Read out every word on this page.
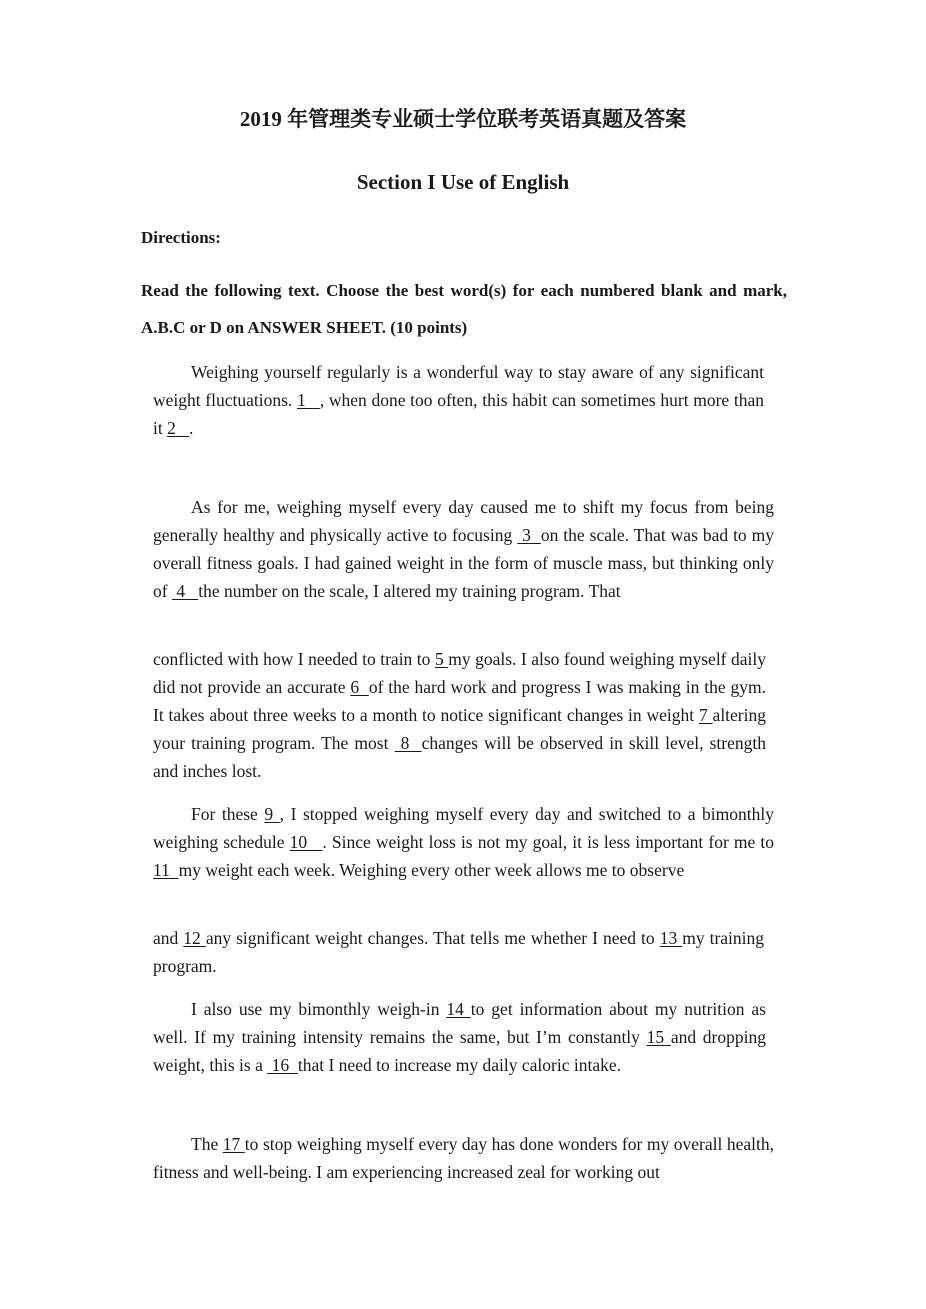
2019 年管理类专业硕士学位联考英语真题及答案
Section I Use of English
Directions:
Read the following text. Choose the best word(s) for each numbered blank and mark, A.B.C or D on ANSWER SHEET. (10 points)

Weighing yourself regularly is a wonderful way to stay aware of any significant weight fluctuations. 1   , when done too often, this habit can sometimes hurt more than it 2   .

As for me, weighing myself every day caused me to shift my focus from being generally healthy and physically active to focusing  3  on the scale. That was bad to my overall fitness goals. I had gained weight in the form of muscle mass, but thinking only of  4   the number on the scale, I altered my training program. That

conflicted with how I needed to train to 5 my goals. I also found weighing myself daily did not provide an accurate 6  of the hard work and progress I was making in the gym. It takes about three weeks to a month to notice significant changes in weight 7 altering your training program. The most  8  changes will be observed in skill level, strength and inches lost.

For these 9 , I stopped weighing myself every day and switched to a bimonthly weighing schedule 10   . Since weight loss is not my goal, it is less important for me to 11  my weight each week. Weighing every other week allows me to observe

and 12 any significant weight changes. That tells me whether I need to 13 my training program.

I also use my bimonthly weigh-in 14 to get information about my nutrition as well. If my training intensity remains the same, but I’m constantly 15 and dropping weight, this is a  16  that I need to increase my daily caloric intake.

The 17 to stop weighing myself every day has done wonders for my overall health, fitness and well-being. I am experiencing increased zeal for working out
